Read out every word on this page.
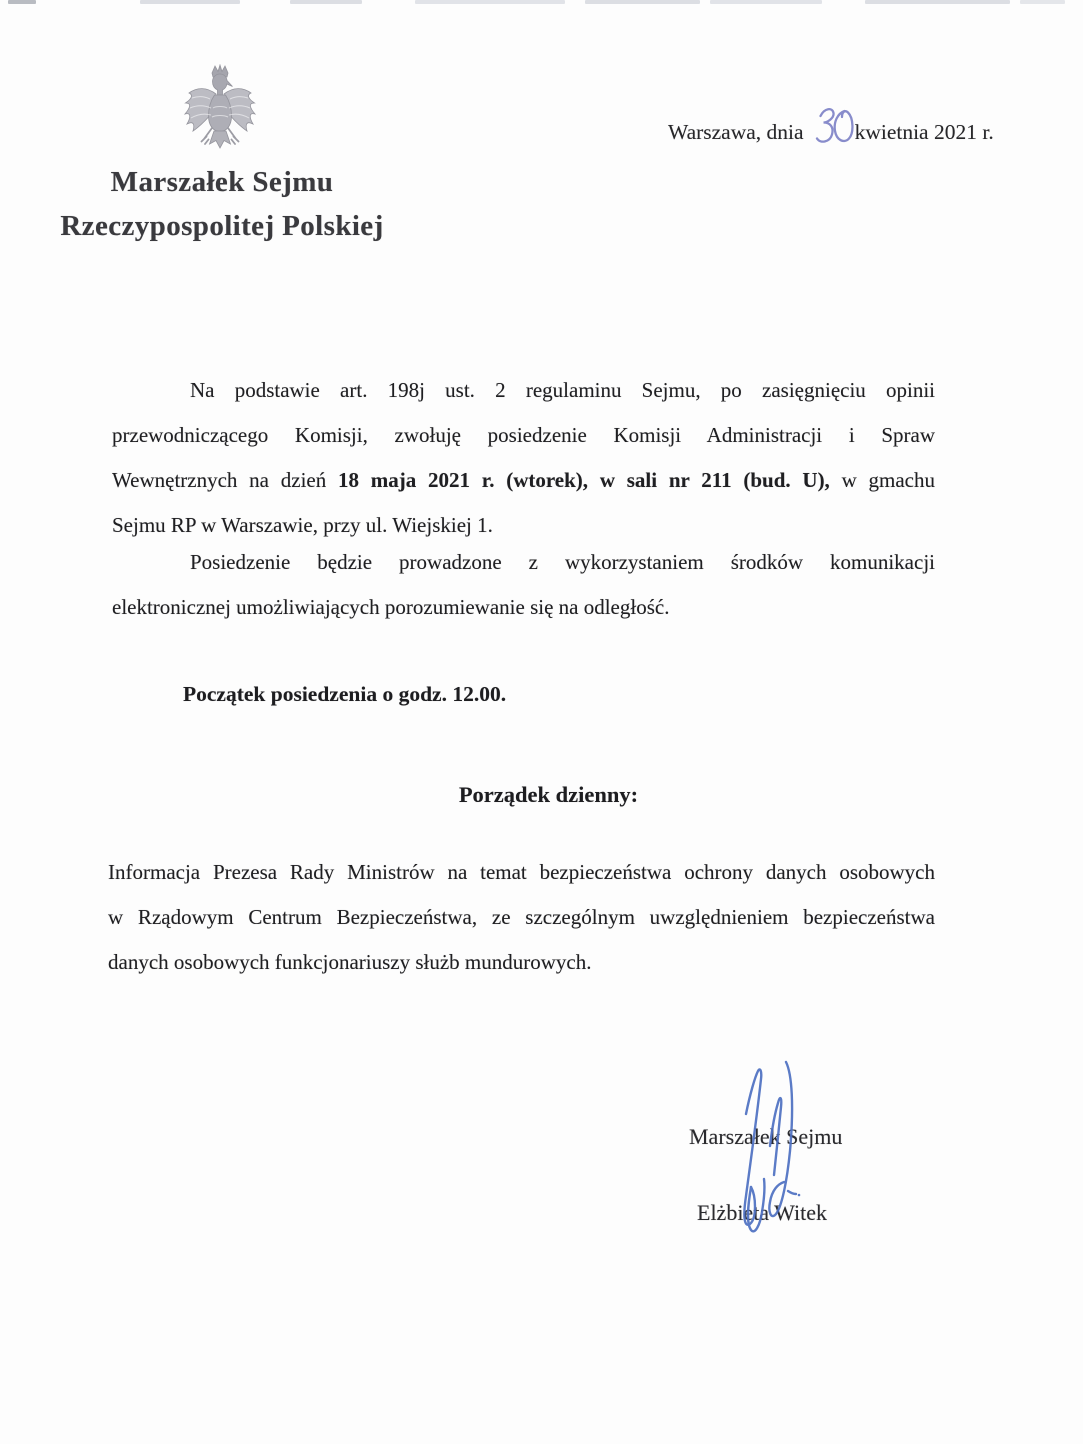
Marszałek Sejmu
Rzeczypospolitej Polskiej
Warszawa, dnia kwietnia 2021 r.
Na podstawie art. 198j ust. 2 regulaminu Sejmu, po zasięgnięciu opinii
przewodniczącego Komisji, zwołuję posiedzenie Komisji Administracji i Spraw
Wewnętrznych na dzień 18 maja 2021 r. (wtorek), w sali nr 211 (bud. U), w gmachu
Sejmu RP w Warszawie, przy ul. Wiejskiej 1.
Posiedzenie będzie prowadzone z wykorzystaniem środków komunikacji
elektronicznej umożliwiających porozumiewanie się na odległość.
Początek posiedzenia o godz. 12.00.
Porządek dzienny:
Informacja Prezesa Rady Ministrów na temat bezpieczeństwa ochrony danych osobowych
w Rządowym Centrum Bezpieczeństwa, ze szczególnym uwzględnieniem bezpieczeństwa
danych osobowych funkcjonariuszy służb mundurowych.
Marszałek Sejmu
Elżbieta Witek
